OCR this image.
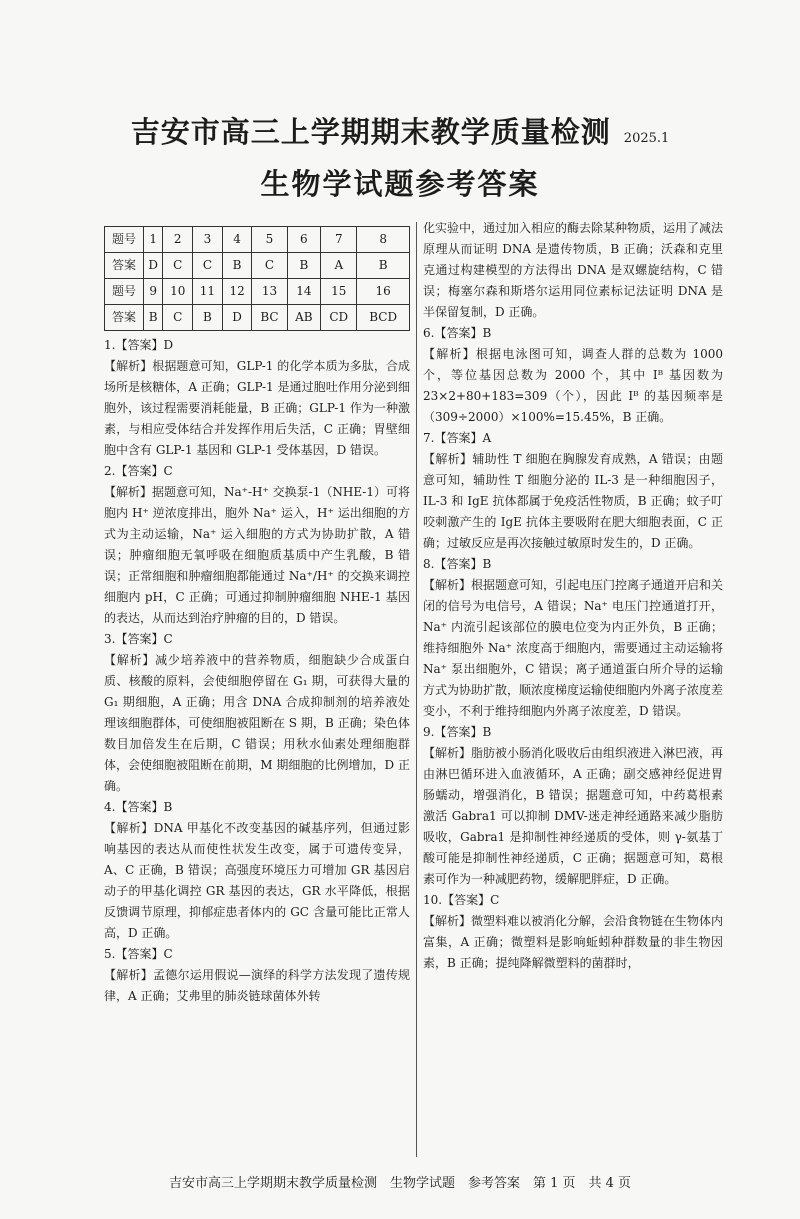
吉安市高三上学期期末教学质量检测 2025.1
生物学试题参考答案
题号	1	2	3	4	5	6	7	8
答案	D	C	C	B	C	B	A	B
题号	9	10	11	12	13	14	15	16
答案	B	C	B	D	BC	AB	CD	BCD

1.【答案】D

【解析】根据题意可知，GLP-1 的化学本质为多肽，合成场所是核糖体，A 正确；GLP-1 是通过胞吐作用分泌到细胞外，该过程需要消耗能量，B 正确；GLP-1 作为一种激素，与相应受体结合并发挥作用后失活，C 正确；胃壁细胞中含有 GLP-1 基因和 GLP-1 受体基因，D 错误。

2.【答案】C

【解析】据题意可知，Na⁺-H⁺ 交换泵-1（NHE-1）可将胞内 H⁺ 逆浓度排出，胞外 Na⁺ 运入，H⁺ 运出细胞的方式为主动运输，Na⁺ 运入细胞的方式为协助扩散，A 错误；肿瘤细胞无氧呼吸在细胞质基质中产生乳酸，B 错误；正常细胞和肿瘤细胞都能通过 Na⁺/H⁺ 的交换来调控细胞内 pH，C 正确；可通过抑制肿瘤细胞 NHE-1 基因的表达，从而达到治疗肿瘤的目的，D 错误。

3.【答案】C

【解析】减少培养液中的营养物质，细胞缺少合成蛋白质、核酸的原料，会使细胞停留在 G₁ 期，可获得大量的 G₁ 期细胞，A 正确；用含 DNA 合成抑制剂的培养液处理该细胞群体，可使细胞被阻断在 S 期，B 正确；染色体数目加倍发生在后期，C 错误；用秋水仙素处理细胞群体，会使细胞被阻断在前期，M 期细胞的比例增加，D 正确。

4.【答案】B

【解析】DNA 甲基化不改变基因的碱基序列，但通过影响基因的表达从而使性状发生改变，属于可遗传变异，A、C 正确，B 错误；高强度环境压力可增加 GR 基因启动子的甲基化调控 GR 基因的表达，GR 水平降低，根据反馈调节原理，抑郁症患者体内的 GC 含量可能比正常人高，D 正确。

5.【答案】C

【解析】孟德尔运用假说—演绎的科学方法发现了遗传规律，A 正确；艾弗里的肺炎链球菌体外转

化实验中，通过加入相应的酶去除某种物质，运用了减法原理从而证明 DNA 是遗传物质，B 正确；沃森和克里克通过构建模型的方法得出 DNA 是双螺旋结构，C 错误；梅塞尔森和斯塔尔运用同位素标记法证明 DNA 是半保留复制，D 正确。

6.【答案】B

【解析】根据电泳图可知，调查人群的总数为 1000 个，等位基因总数为 2000 个，其中 Iᴮ 基因数为 23×2+80+183=309（个），因此 Iᴮ 的基因频率是（309÷2000）×100%=15.45%，B 正确。

7.【答案】A

【解析】辅助性 T 细胞在胸腺发育成熟，A 错误；由题意可知，辅助性 T 细胞分泌的 IL-3 是一种细胞因子，IL-3 和 IgE 抗体都属于免疫活性物质，B 正确；蚊子叮咬刺激产生的 IgE 抗体主要吸附在肥大细胞表面，C 正确；过敏反应是再次接触过敏原时发生的，D 正确。

8.【答案】B

【解析】根据题意可知，引起电压门控离子通道开启和关闭的信号为电信号，A 错误；Na⁺ 电压门控通道打开，Na⁺ 内流引起该部位的膜电位变为内正外负，B 正确；维持细胞外 Na⁺ 浓度高于细胞内，需要通过主动运输将 Na⁺ 泵出细胞外，C 错误；离子通道蛋白所介导的运输方式为协助扩散，顺浓度梯度运输使细胞内外离子浓度差变小，不利于维持细胞内外离子浓度差，D 错误。

9.【答案】B

【解析】脂肪被小肠消化吸收后由组织液进入淋巴液，再由淋巴循环进入血液循环，A 正确；副交感神经促进胃肠蠕动，增强消化，B 错误；据题意可知，中药葛根素激活 Gabra1 可以抑制 DMV-迷走神经通路来减少脂肪吸收，Gabra1 是抑制性神经递质的受体，则 γ-氨基丁酸可能是抑制性神经递质，C 正确；据题意可知，葛根素可作为一种减肥药物，缓解肥胖症，D 正确。

10.【答案】C

【解析】微塑料难以被消化分解，会沿食物链在生物体内富集，A 正确；微塑料是影响蚯蚓种群数量的非生物因素，B 正确；提纯降解微塑料的菌群时，

吉安市高三上学期期末教学质量检测　生物学试题　参考答案　第 1 页　共 4 页
